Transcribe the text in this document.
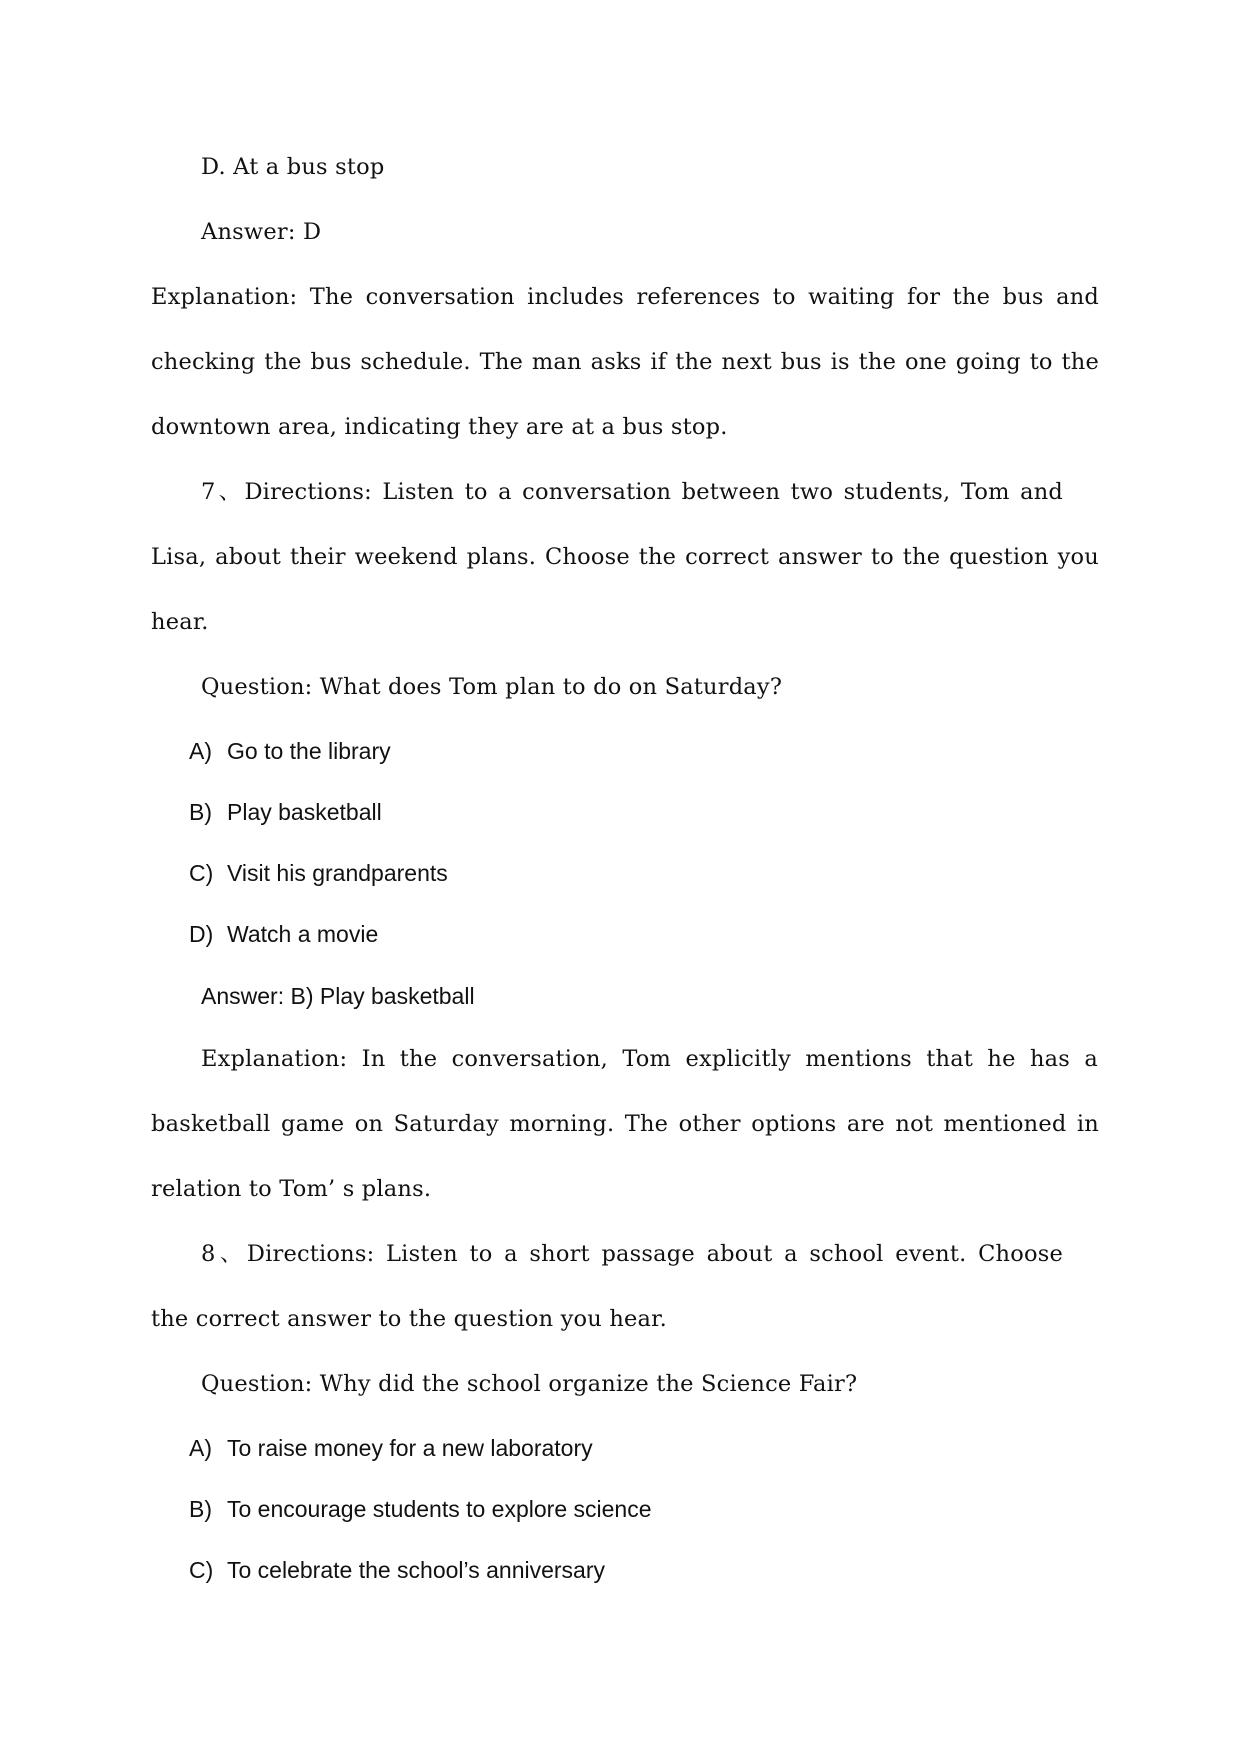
D. At a bus stop
Answer: D
Explanation: The conversation includes references to waiting for the bus and
checking the bus schedule. The man asks if the next bus is the one going to the
downtown area, indicating they are at a bus stop.
7、Directions: Listen to a conversation between two students, Tom and
Lisa, about their weekend plans. Choose the correct answer to the question you
hear.
Question: What does Tom plan to do on Saturday?
A) Go to the library
B) Play basketball
C) Visit his grandparents
D) Watch a movie
Answer: B) Play basketball
Explanation: In the conversation, Tom explicitly mentions that he has a
basketball game on Saturday morning. The other options are not mentioned in
relation to Tom’ s plans.
8、Directions: Listen to a short passage about a school event. Choose
the correct answer to the question you hear.
Question: Why did the school organize the Science Fair?
A) To raise money for a new laboratory
B) To encourage students to explore science
C) To celebrate the school’s anniversary
